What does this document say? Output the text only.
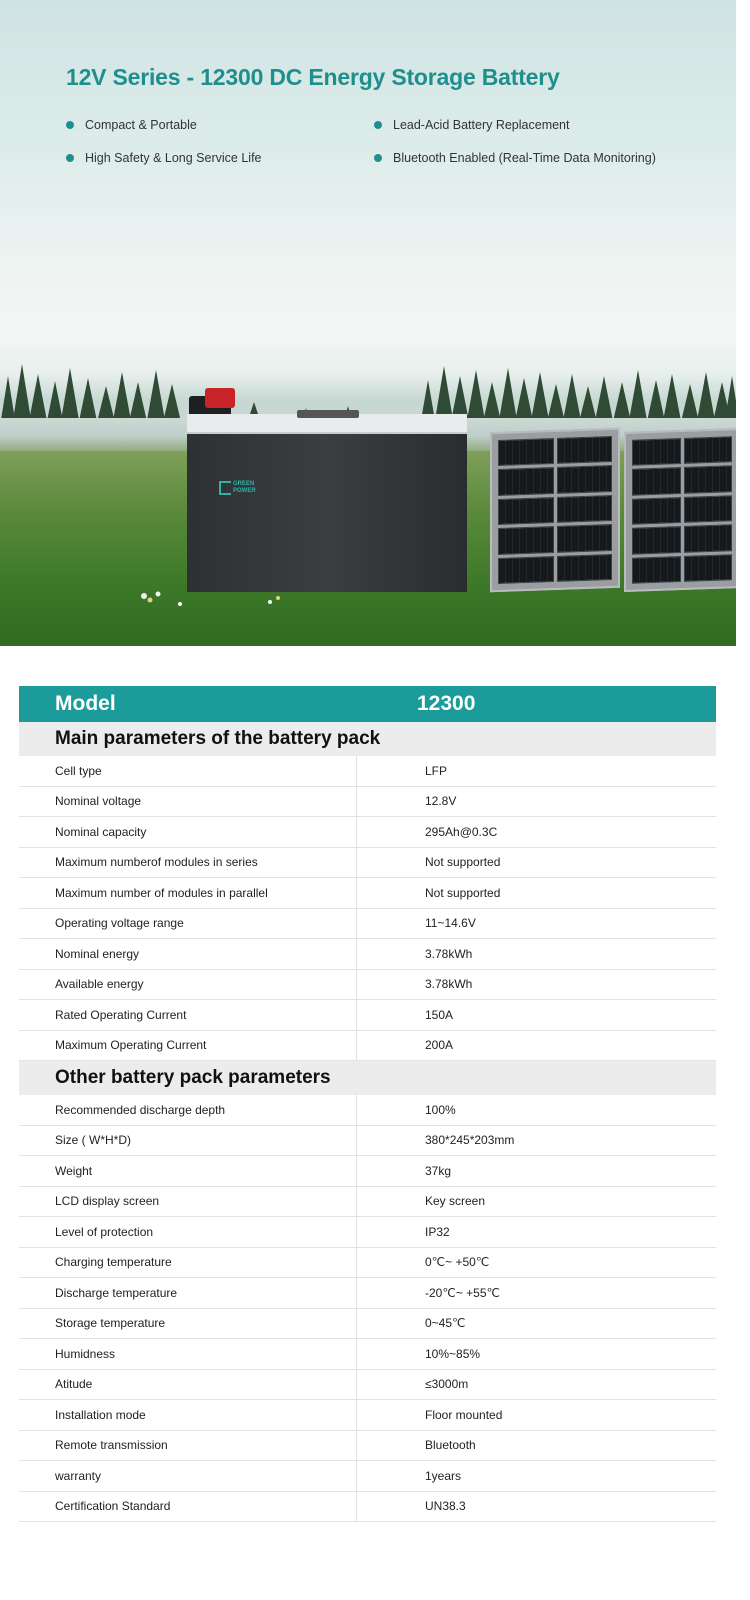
12V Series - 12300 DC Energy Storage Battery
Compact & Portable	Lead-Acid Battery Replacement
High Safety & Long Service Life	Bluetooth Enabled (Real-Time Data Monitoring)
GREEN
POWER
Model	12300
Main parameters of the battery pack
Cell type	LFP
Nominal voltage	12.8V
Nominal capacity	295Ah@0.3C
Maximum numberof modules in series	Not supported
Maximum number of modules in parallel	Not supported
Operating voltage range	11~14.6V
Nominal energy	3.78kWh
Available energy	3.78kWh
Rated Operating Current	150A
Maximum Operating Current	200A
Other battery pack parameters
Recommended discharge depth	100%
Size ( W*H*D)	380*245*203mm
Weight	37kg
LCD display screen	Key screen
Level of protection	IP32
Charging temperature	0℃~ +50℃
Discharge temperature	-20℃~ +55℃
Storage temperature	0~45℃
Humidness	10%~85%
Atitude	≤3000m
Installation mode	Floor mounted
Remote transmission	Bluetooth
warranty	1years
Certification Standard	UN38.3
